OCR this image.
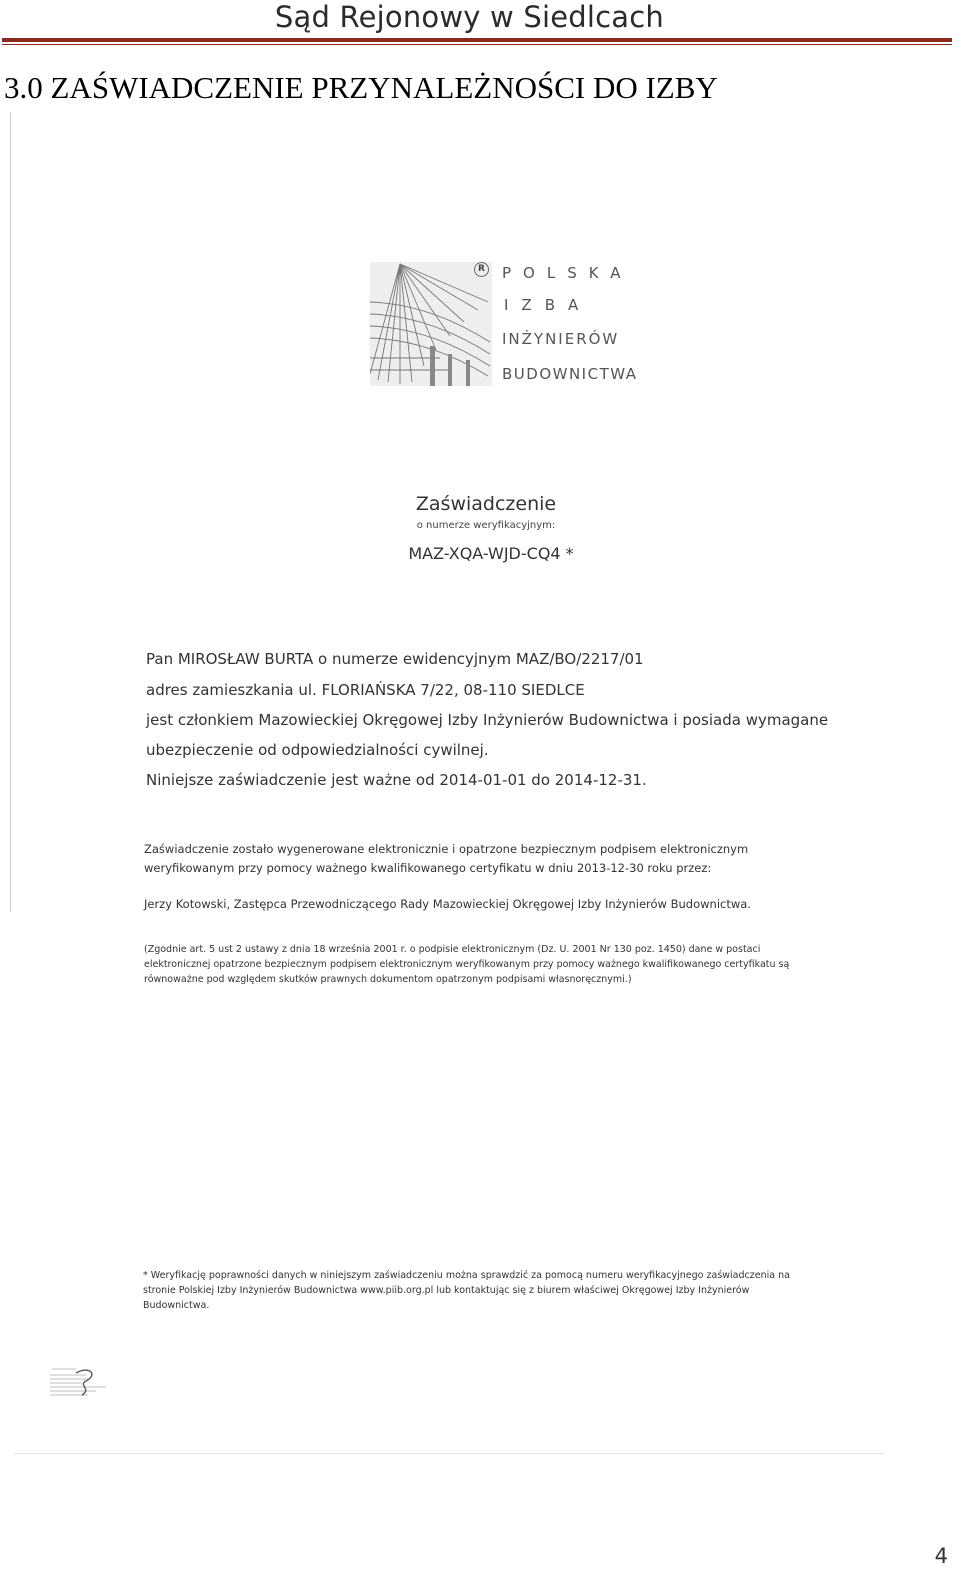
Sąd Rejonowy w Siedlcach
3.0 ZAŚWIADCZENIE PRZYNALEŻNOŚCI DO IZBY
R POLSKA
IZBA
INŻYNIERÓW
BUDOWNICTWA
Zaświadczenie
o numerze weryfikacyjnym:
MAZ-XQA-WJD-CQ4 *
Pan MIROSŁAW BURTA o numerze ewidencyjnym MAZ/BO/2217/01
adres zamieszkania ul. FLORIAŃSKA 7/22, 08-110 SIEDLCE
jest członkiem Mazowieckiej Okręgowej Izby Inżynierów Budownictwa i posiada wymagane
ubezpieczenie od odpowiedzialności cywilnej.
Niniejsze zaświadczenie jest ważne od 2014-01-01 do 2014-12-31.
Zaświadczenie zostało wygenerowane elektronicznie i opatrzone bezpiecznym podpisem elektronicznym
weryfikowanym przy pomocy ważnego kwalifikowanego certyfikatu w dniu 2013-12-30 roku przez:
Jerzy Kotowski, Zastępca Przewodniczącego Rady Mazowieckiej Okręgowej Izby Inżynierów Budownictwa.
(Zgodnie art. 5 ust 2 ustawy z dnia 18 września 2001 r. o podpisie elektronicznym (Dz. U. 2001 Nr 130 poz. 1450) dane w postaci
elektronicznej opatrzone bezpiecznym podpisem elektronicznym weryfikowanym przy pomocy ważnego kwalifikowanego certyfikatu są
równoważne pod względem skutków prawnych dokumentom opatrzonym podpisami własnoręcznymi.)
* Weryfikację poprawności danych w niniejszym zaświadczeniu można sprawdzić za pomocą numeru weryfikacyjnego zaświadczenia na
stronie Polskiej Izby Inżynierów Budownictwa www.piib.org.pl lub kontaktując się z biurem właściwej Okręgowej Izby Inżynierów
Budownictwa.
4
